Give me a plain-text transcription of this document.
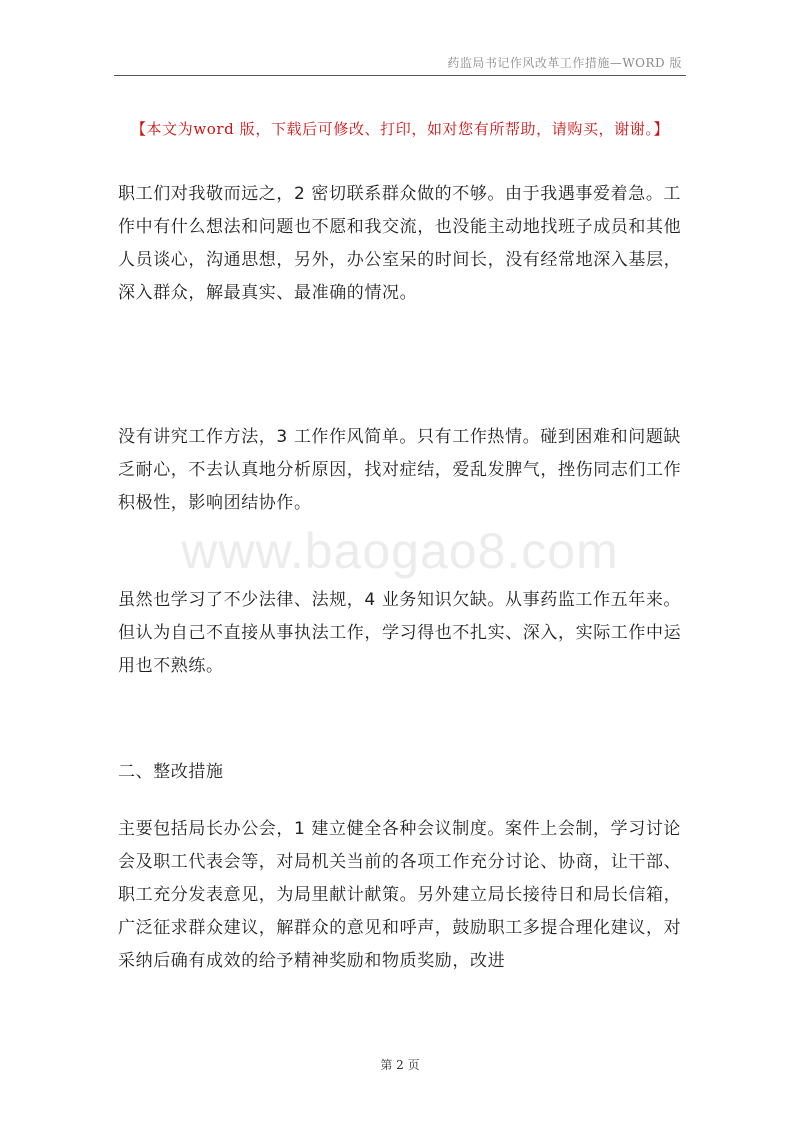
药监局书记作风改革工作措施—WORD 版
【本文为word 版，下载后可修改、打印，如对您有所帮助，请购买，谢谢。】
职工们对我敬而远之，2 密切联系群众做的不够。由于我遇事爱着急。工作中有什么想法和问题也不愿和我交流，也没能主动地找班子成员和其他人员谈心，沟通思想，另外，办公室呆的时间长，没有经常地深入基层，深入群众，解最真实、最准确的情况。
没有讲究工作方法，3 工作作风简单。只有工作热情。碰到困难和问题缺乏耐心，不去认真地分析原因，找对症结，爱乱发脾气，挫伤同志们工作积极性，影响团结协作。
虽然也学习了不少法律、法规，4 业务知识欠缺。从事药监工作五年来。但认为自己不直接从事执法工作，学习得也不扎实、深入，实际工作中运用也不熟练。
二、整改措施
主要包括局长办公会，1 建立健全各种会议制度。案件上会制，学习讨论会及职工代表会等，对局机关当前的各项工作充分讨论、协商，让干部、职工充分发表意见，为局里献计献策。另外建立局长接待日和局长信箱，广泛征求群众建议，解群众的意见和呼声，鼓励职工多提合理化建议，对采纳后确有成效的给予精神奖励和物质奖励，改进
www.baogao8.com
第 2 页
